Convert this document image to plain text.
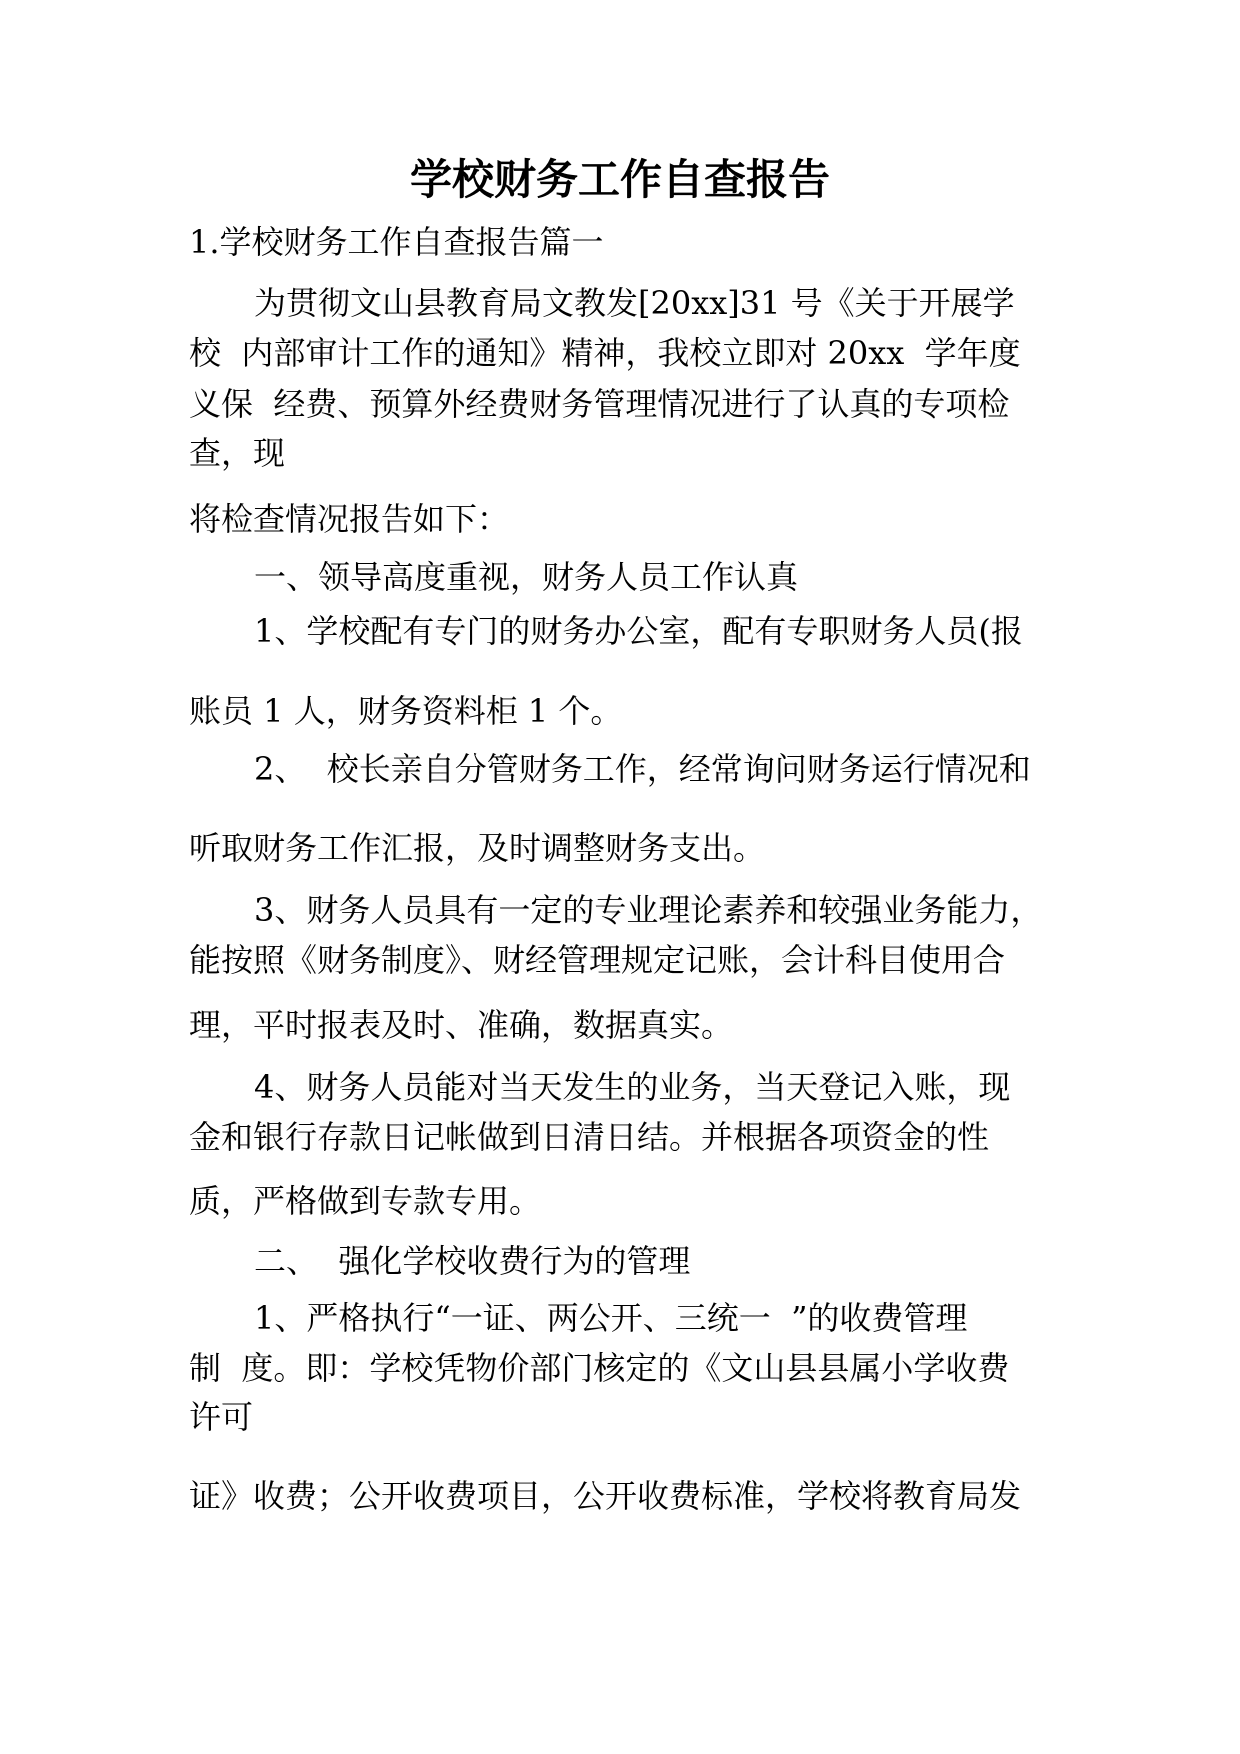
学校财务工作自查报告
1.学校财务工作自查报告篇一
为贯彻文山县教育局文教发[20xx]31 号《关于开展学
校  内部审计工作的通知》精神，我校立即对 20xx  学年度
义保  经费、预算外经费财务管理情况进行了认真的专项检
查，现
将检查情况报告如下：
一、领导高度重视，财务人员工作认真
1、学校配有专门的财务办公室，配有专职财务人员(报
账员 1 人，财务资料柜 1 个。
2、  校长亲自分管财务工作，经常询问财务运行情况和
听取财务工作汇报，及时调整财务支出。
3、财务人员具有一定的专业理论素养和较强业务能力，
能按照《财务制度》、财经管理规定记账，会计科目使用合
理，平时报表及时、准确，数据真实。
4、财务人员能对当天发生的业务，当天登记入账，现
金和银行存款日记帐做到日清日结。并根据各项资金的性
质，严格做到专款专用。
二、  强化学校收费行为的管理
1、严格执行“一证、两公开、三统一  ”的收费管理
制  度。即：学校凭物价部门核定的《文山县县属小学收费
许可
证》收费；公开收费项目，公开收费标准，学校将教育局发
